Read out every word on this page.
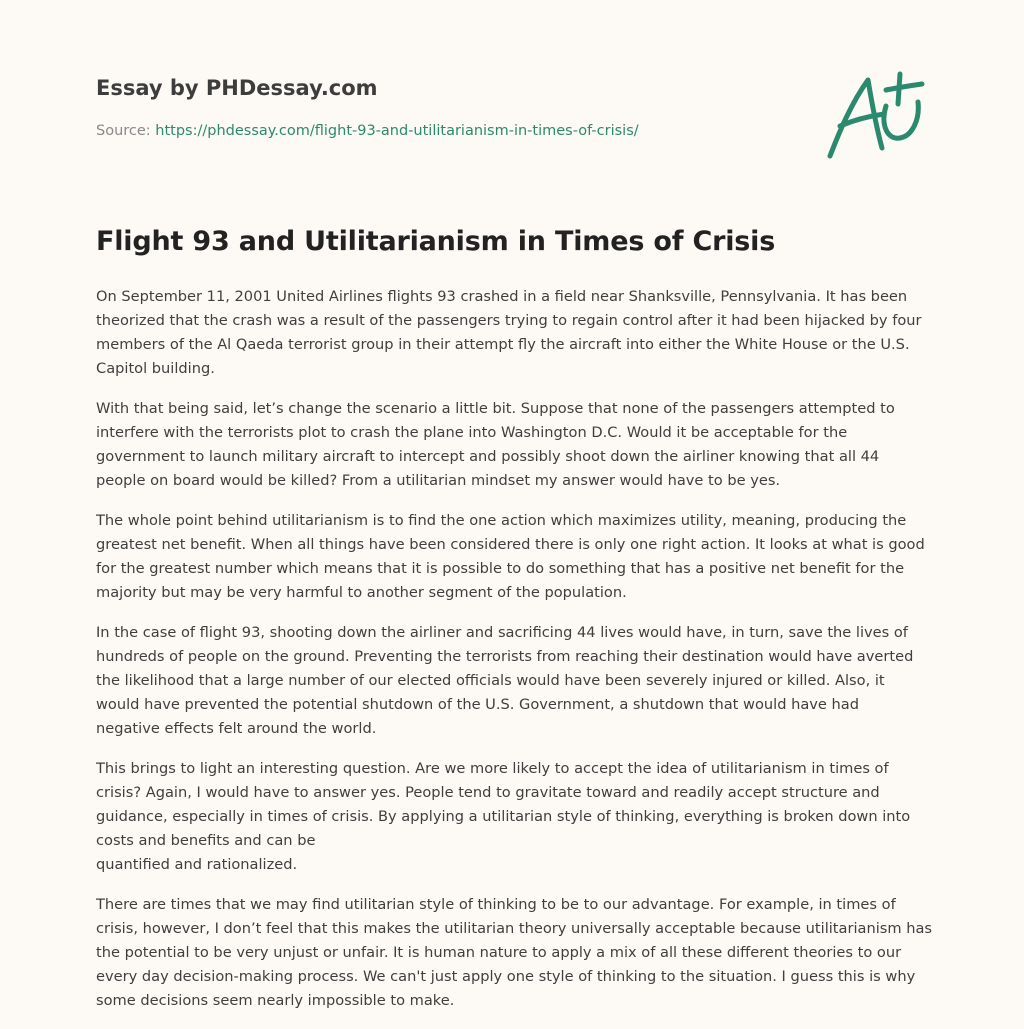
Essay by PHDessay.com
Source: https://phdessay.com/flight-93-and-utilitarianism-in-times-of-crisis/
Flight 93 and Utilitarianism in Times of Crisis

On September 11, 2001 United Airlines flights 93 crashed in a field near Shanksville, Pennsylvania. It has been
theorized that the crash was a result of the passengers trying to regain control after it had been hijacked by four
members of the Al Qaeda terrorist group in their attempt fly the aircraft into either the White House or the U.S.
Capitol building.

With that being said, let’s change the scenario a little bit. Suppose that none of the passengers attempted to
interfere with the terrorists plot to crash the plane into Washington D.C. Would it be acceptable for the
government to launch military aircraft to intercept and possibly shoot down the airliner knowing that all 44
people on board would be killed? From a utilitarian mindset my answer would have to be yes.

The whole point behind utilitarianism is to find the one action which maximizes utility, meaning, producing the
greatest net benefit. When all things have been considered there is only one right action. It looks at what is good
for the greatest number which means that it is possible to do something that has a positive net benefit for the
majority but may be very harmful to another segment of the population.

In the case of flight 93, shooting down the airliner and sacrificing 44 lives would have, in turn, save the lives of
hundreds of people on the ground. Preventing the terrorists from reaching their destination would have averted
the likelihood that a large number of our elected officials would have been severely injured or killed. Also, it
would have prevented the potential shutdown of the U.S. Government, a shutdown that would have had
negative effects felt around the world.

This brings to light an interesting question. Are we more likely to accept the idea of utilitarianism in times of
crisis? Again, I would have to answer yes. People tend to gravitate toward and readily accept structure and
guidance, especially in times of crisis. By applying a utilitarian style of thinking, everything is broken down into
costs and benefits and can be
quantified and rationalized.

There are times that we may find utilitarian style of thinking to be to our advantage. For example, in times of
crisis, however, I don’t feel that this makes the utilitarian theory universally acceptable because utilitarianism has
the potential to be very unjust or unfair. It is human nature to apply a mix of all these different theories to our
every day decision-making process. We can't just apply one style of thinking to the situation. I guess this is why
some decisions seem nearly impossible to make.
